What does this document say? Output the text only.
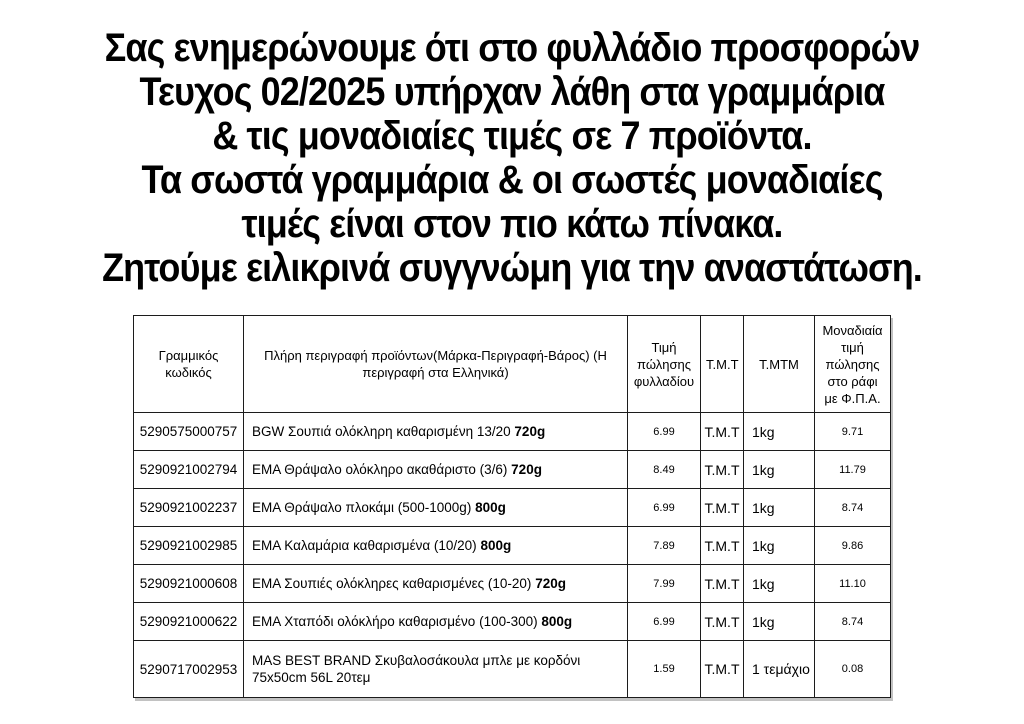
Σας ενημερώνουμε ότι στο φυλλάδιο προσφορών
Τευχος 02/2025 υπήρχαν λάθη στα γραμμάρια
& τις μοναδιαίες τιμές σε 7 προϊόντα.
Τα σωστά γραμμάρια & οι σωστές μοναδιαίες
τιμές είναι στον πιο κάτω πίνακα.
Ζητούμε ειλικρινά συγγνώμη για την αναστάτωση.
Γραμμικός κωδικός	Πλήρη περιγραφή προϊόντων(Μάρκα-Περιγραφή-Βάρος) (Η περιγραφή στα Ελληνικά)	Τιμή πώλησης φυλλαδίου	Τ.Μ.Τ	Τ.ΜΤΜ	Μοναδιαία τιμή πώλησης στο ράφι με Φ.Π.Α.
5290575000757	BGW Σουπιά ολόκληρη καθαρισμένη 13/20 720g	6.99	Τ.Μ.Τ	1kg	9.71
5290921002794	ΕΜΑ Θράψαλο ολόκληρο ακαθάριστο (3/6) 720g	8.49	Τ.Μ.Τ	1kg	11.79
5290921002237	ΕΜΑ Θράψαλο πλοκάμι (500-1000g) 800g	6.99	Τ.Μ.Τ	1kg	8.74
5290921002985	ΕΜΑ Καλαμάρια καθαρισμένα (10/20) 800g	7.89	Τ.Μ.Τ	1kg	9.86
5290921000608	ΕΜΑ Σουπιές ολόκληρες καθαρισμένες (10-20) 720g	7.99	Τ.Μ.Τ	1kg	11.10
5290921000622	ΕΜΑ Χταπόδι ολόκλήρο καθαρισμένο (100-300) 800g	6.99	Τ.Μ.Τ	1kg	8.74
5290717002953	MAS BEST BRAND Σκυβαλοσάκουλα μπλε με κορδόνι 75x50cm 56L 20τεμ	1.59	Τ.Μ.Τ	1 τεμάχιο	0.08
